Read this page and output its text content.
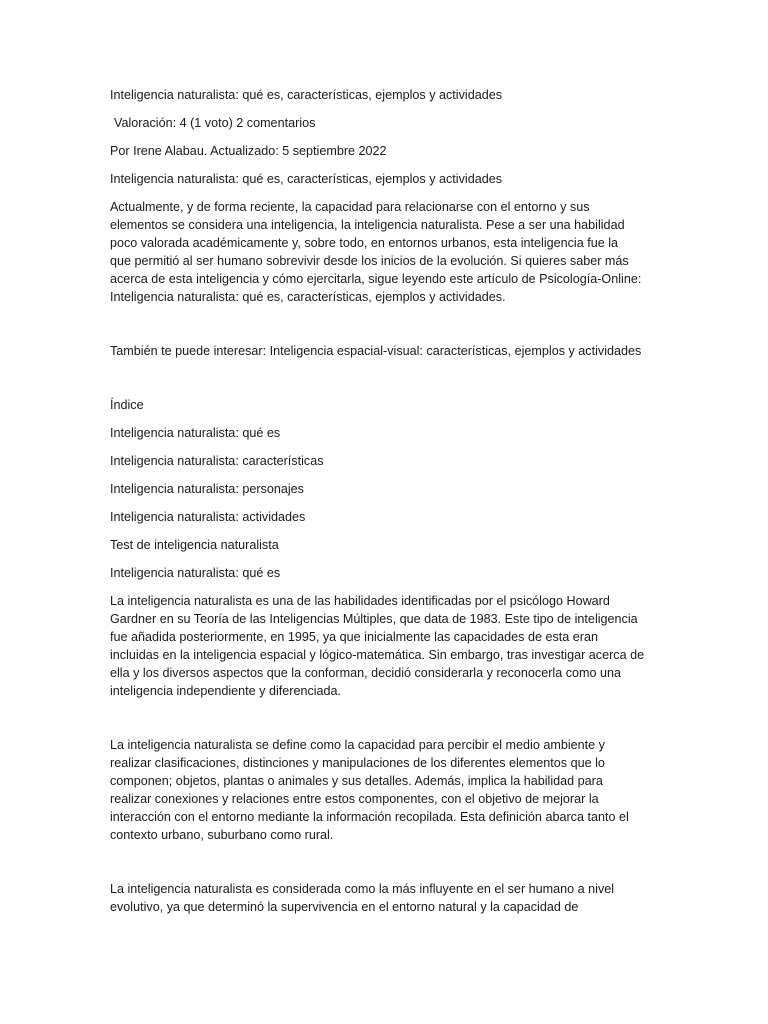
Inteligencia naturalista: qué es, características, ejemplos y actividades

Valoración: 4 (1 voto) 2 comentarios

Por Irene Alabau. Actualizado: 5 septiembre 2022

Inteligencia naturalista: qué es, características, ejemplos y actividades

Actualmente, y de forma reciente, la capacidad para relacionarse con el entorno y sus

elementos se considera una inteligencia, la inteligencia naturalista. Pese a ser una habilidad

poco valorada académicamente y, sobre todo, en entornos urbanos, esta inteligencia fue la

que permitió al ser humano sobrevivir desde los inicios de la evolución. Si quieres saber más

acerca de esta inteligencia y cómo ejercitarla, sigue leyendo este artículo de Psicología-Online:

Inteligencia naturalista: qué es, características, ejemplos y actividades.

También te puede interesar: Inteligencia espacial-visual: características, ejemplos y actividades

Índice

Inteligencia naturalista: qué es

Inteligencia naturalista: características

Inteligencia naturalista: personajes

Inteligencia naturalista: actividades

Test de inteligencia naturalista

Inteligencia naturalista: qué es

La inteligencia naturalista es una de las habilidades identificadas por el psicólogo Howard

Gardner en su Teoría de las Inteligencias Múltiples, que data de 1983. Este tipo de inteligencia

fue añadida posteriormente, en 1995, ya que inicialmente las capacidades de esta eran

incluidas en la inteligencia espacial y lógico-matemática. Sin embargo, tras investigar acerca de

ella y los diversos aspectos que la conforman, decidió considerarla y reconocerla como una

inteligencia independiente y diferenciada.

La inteligencia naturalista se define como la capacidad para percibir el medio ambiente y

realizar clasificaciones, distinciones y manipulaciones de los diferentes elementos que lo

componen; objetos, plantas o animales y sus detalles. Además, implica la habilidad para

realizar conexiones y relaciones entre estos componentes, con el objetivo de mejorar la

interacción con el entorno mediante la información recopilada. Esta definición abarca tanto el

contexto urbano, suburbano como rural.

La inteligencia naturalista es considerada como la más influyente en el ser humano a nivel

evolutivo, ya que determinó la supervivencia en el entorno natural y la capacidad de
